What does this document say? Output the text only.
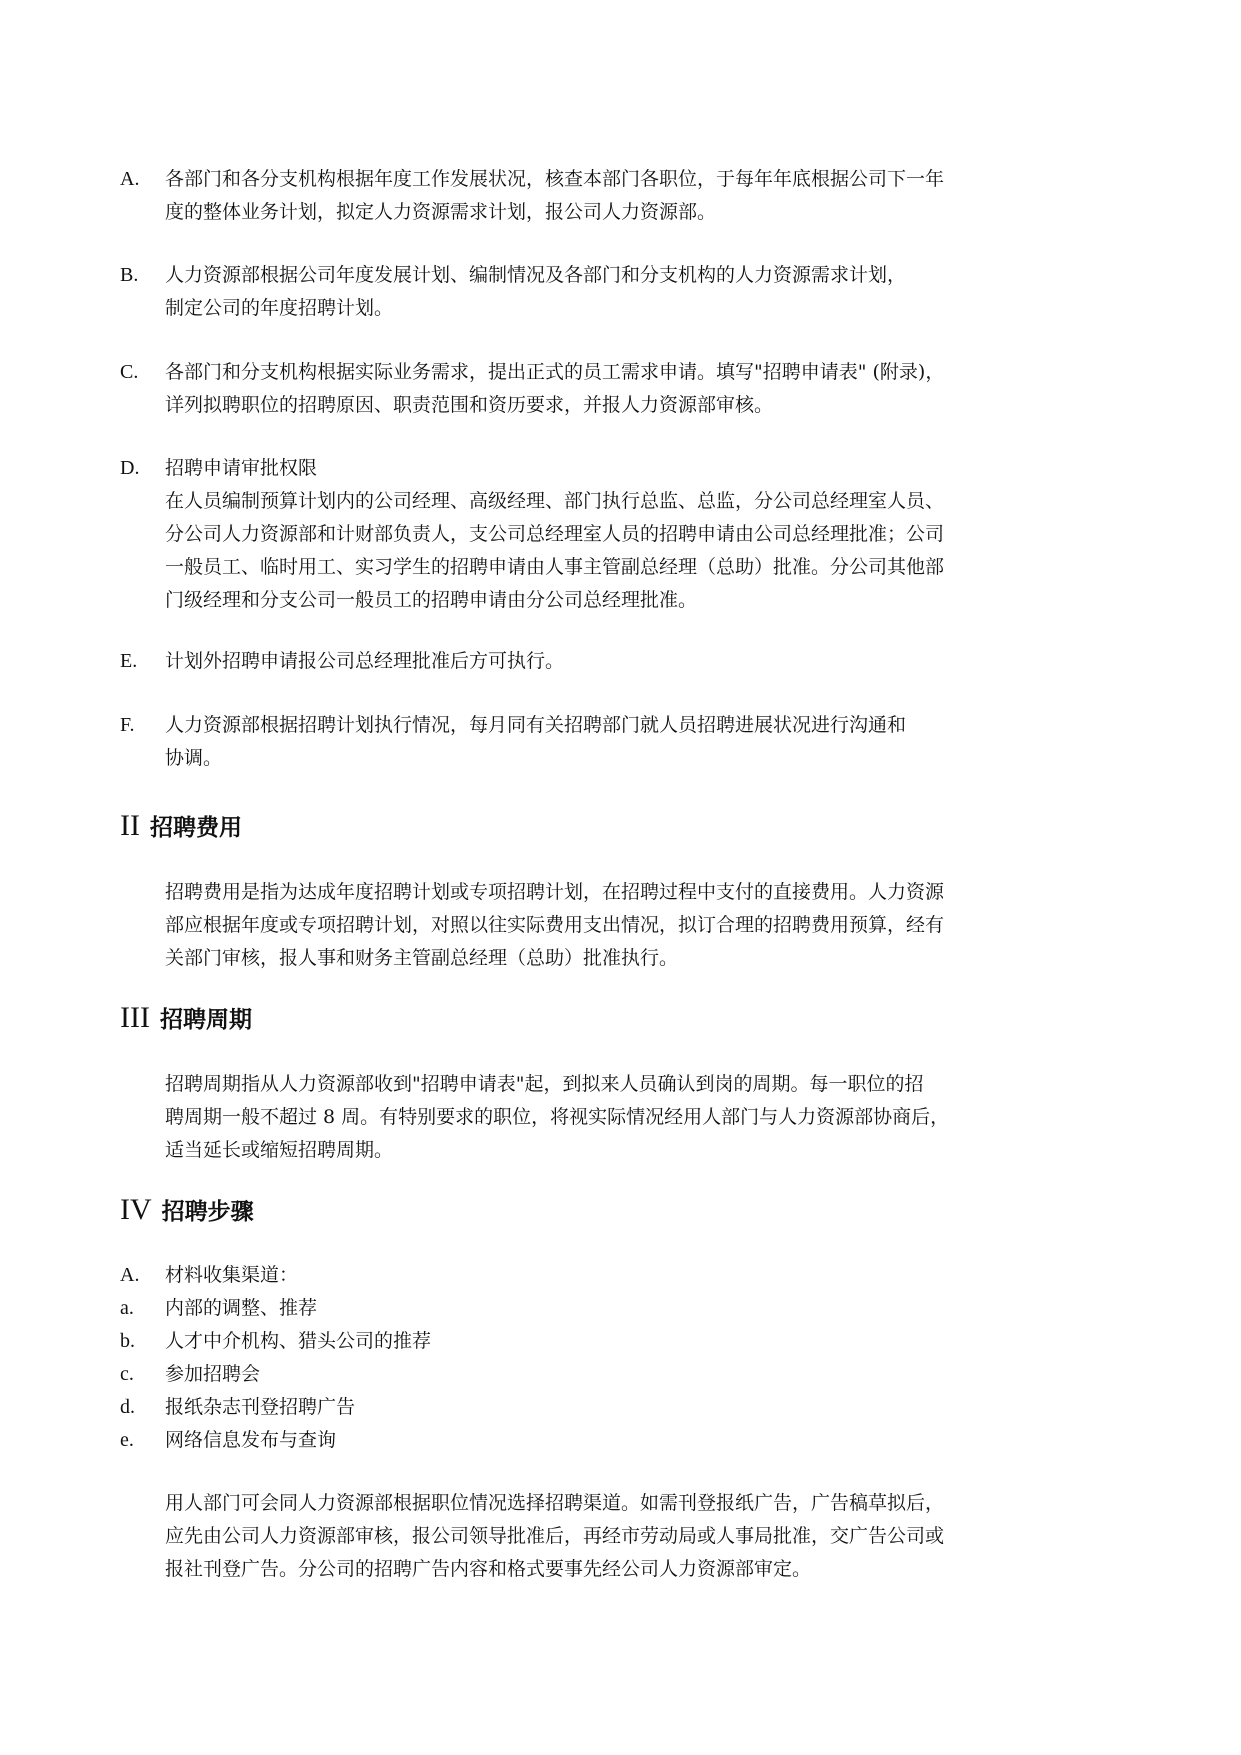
A.	各部门和各分支机构根据年度工作发展状况，核查本部门各职位，于每年年底根据公司下一年

度的整体业务计划，拟定人力资源需求计划，报公司人力资源部。

B.	人力资源部根据公司年度发展计划、编制情况及各部门和分支机构的人力资源需求计划，

制定公司的年度招聘计划。

C.	各部门和分支机构根据实际业务需求，提出正式的员工需求申请。填写"招聘申请表" (附录)，

详列拟聘职位的招聘原因、职责范围和资历要求，并报人力资源部审核。

D.	招聘申请审批权限

在人员编制预算计划内的公司经理、高级经理、部门执行总监、总监，分公司总经理室人员、

分公司人力资源部和计财部负责人，支公司总经理室人员的招聘申请由公司总经理批准；公司

一般员工、临时用工、实习学生的招聘申请由人事主管副总经理（总助）批准。分公司其他部

门级经理和分支公司一般员工的招聘申请由分公司总经理批准。

E.	计划外招聘申请报公司总经理批准后方可执行。

F.	人力资源部根据招聘计划执行情况，每月同有关招聘部门就人员招聘进展状况进行沟通和

协调。

II 招聘费用

招聘费用是指为达成年度招聘计划或专项招聘计划，在招聘过程中支付的直接费用。人力资源

部应根据年度或专项招聘计划，对照以往实际费用支出情况，拟订合理的招聘费用预算，经有

关部门审核，报人事和财务主管副总经理（总助）批准执行。

III 招聘周期

招聘周期指从人力资源部收到"招聘申请表"起，到拟来人员确认到岗的周期。每一职位的招

聘周期一般不超过 8 周。有特别要求的职位，将视实际情况经用人部门与人力资源部协商后，

适当延长或缩短招聘周期。

IV 招聘步骤
A.	材料收集渠道：

a.	内部的调整、推荐

b.	人才中介机构、猎头公司的推荐

c.	参加招聘会

d.	报纸杂志刊登招聘广告

e.	网络信息发布与查询

用人部门可会同人力资源部根据职位情况选择招聘渠道。如需刊登报纸广告，广告稿草拟后，

应先由公司人力资源部审核，报公司领导批准后，再经市劳动局或人事局批准，交广告公司或

报社刊登广告。分公司的招聘广告内容和格式要事先经公司人力资源部审定。
